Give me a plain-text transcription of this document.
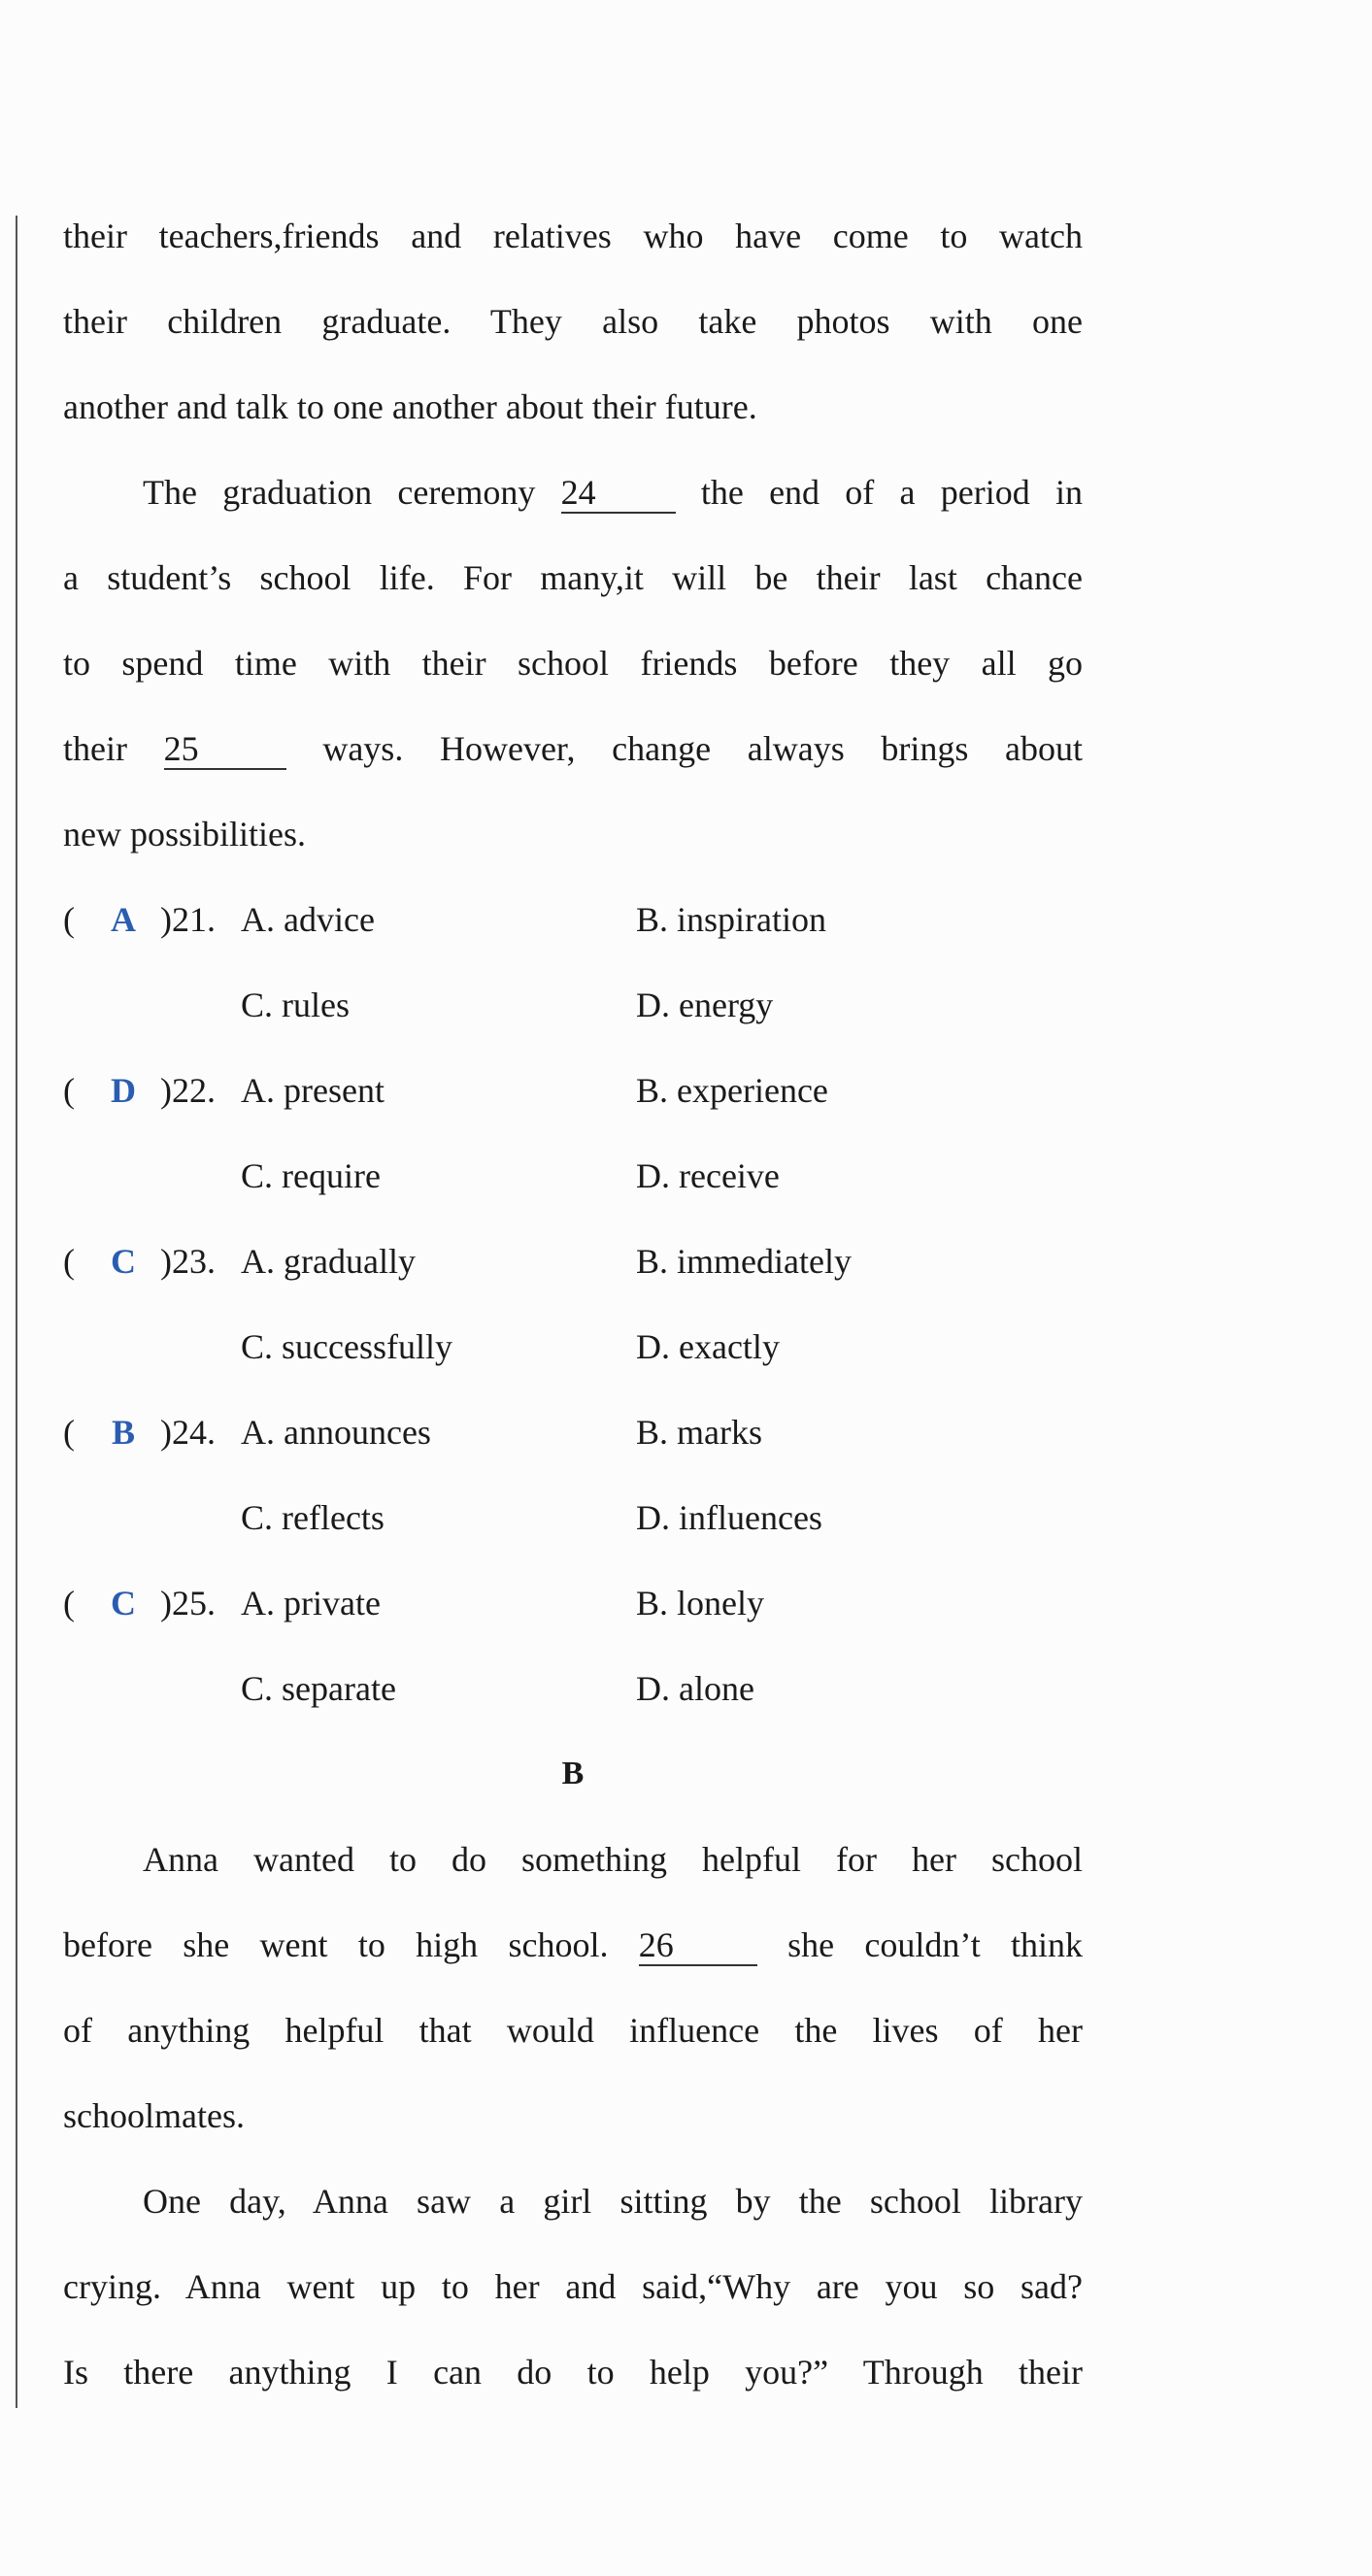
their teachers,friends and relatives who have come to watch
their children graduate. They also take photos with one
another and talk to one another about their future.
The graduation ceremony 24	the end of a period in
a student’s school life. For many,it will be their last chance
to spend time with their school friends before they all go
their 25	ways. However, change always brings about
new possibilities.
( A )21. A. advice	B. inspiration
C. rules	D. energy
( D )22. A. present	B. experience
C. require	D. receive
( C )23. A. gradually	B. immediately
C. successfully	D. exactly
( B )24. A. announces	B. marks
C. reflects	D. influences
( C )25. A. private	B. lonely
C. separate	D. alone
B
Anna wanted to do something helpful for her school
before she went to high school. 26	she couldn’t think
of anything helpful that would influence the lives of her
schoolmates.
One day, Anna saw a girl sitting by the school library
crying. Anna went up to her and said,“Why are you so sad?
Is there anything I can do to help you?” Through their
